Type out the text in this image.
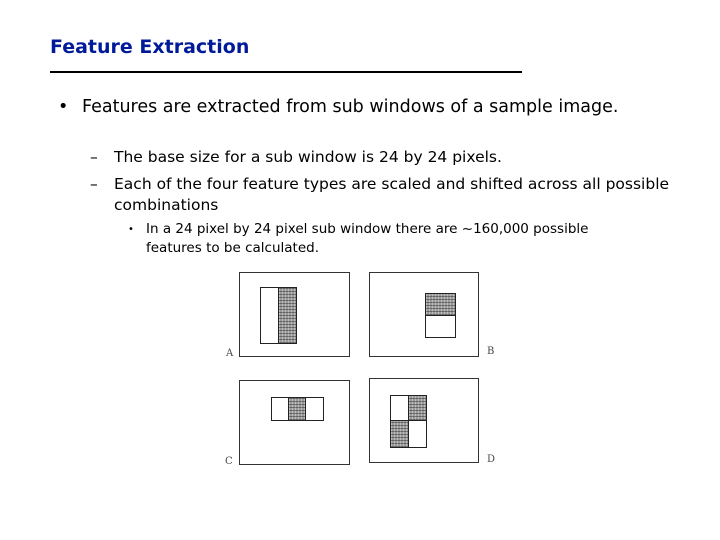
Feature Extraction
• Features are extracted from sub windows of a sample image.
– The base size for a sub window is 24 by 24 pixels.
– Each of the four feature types are scaled and shifted across all possible combinations
• In a 24 pixel by 24 pixel sub window there are ~160,000 possible features to be calculated.
A	B
C	D
